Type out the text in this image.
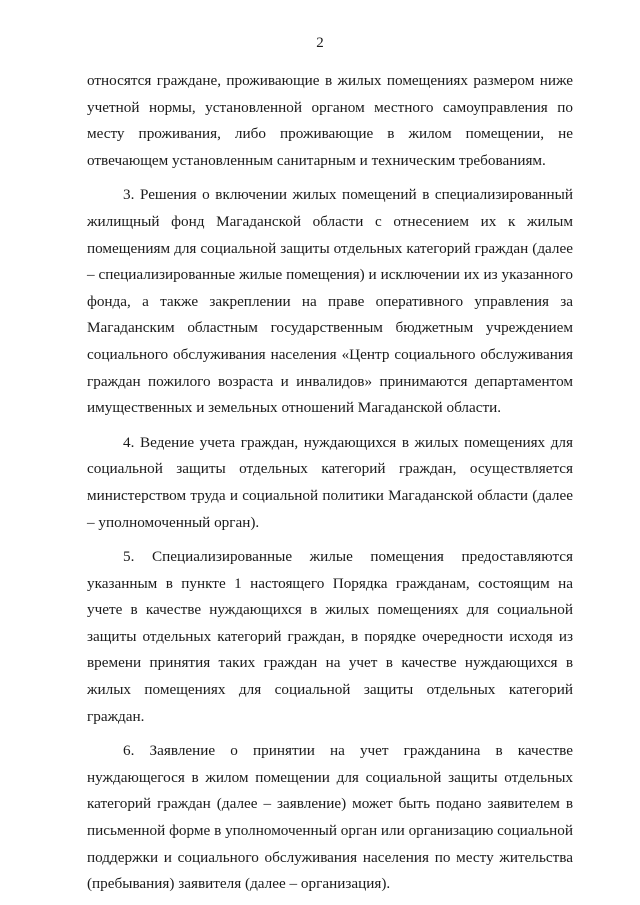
2

относятся граждане, проживающие в жилых помещениях размером ниже учетной нормы, установленной органом местного самоуправления по месту проживания, либо проживающие в жилом помещении, не отвечающем установленным санитарным и техническим требованиям.

3. Решения о включении жилых помещений в специализированный жилищный фонд Магаданской области с отнесением их к жилым помещениям для социальной защиты отдельных категорий граждан (далее – специализированные жилые помещения) и исключении их из указанного фонда, а также закреплении на праве оперативного управления за Магаданским областным государственным бюджетным учреждением социального обслуживания населения «Центр социального обслуживания граждан пожилого возраста и инвалидов» принимаются департаментом имущественных и земельных отношений Магаданской области.

4. Ведение учета граждан, нуждающихся в жилых помещениях для социальной защиты отдельных категорий граждан, осуществляется министерством труда и социальной политики Магаданской области (далее – уполномоченный орган).

5. Специализированные жилые помещения предоставляются указанным в пункте 1 настоящего Порядка гражданам, состоящим на учете в качестве нуждающихся в жилых помещениях для социальной защиты отдельных категорий граждан, в порядке очередности исходя из времени принятия таких граждан на учет в качестве нуждающихся в жилых помещениях для социальной защиты отдельных категорий граждан.

6. Заявление о принятии на учет гражданина в качестве нуждающегося в жилом помещении для социальной защиты отдельных категорий граждан (далее – заявление) может быть подано заявителем в письменной форме в уполномоченный орган или организацию социальной поддержки и социального обслуживания населения по месту жительства (пребывания) заявителя (далее – организация).
